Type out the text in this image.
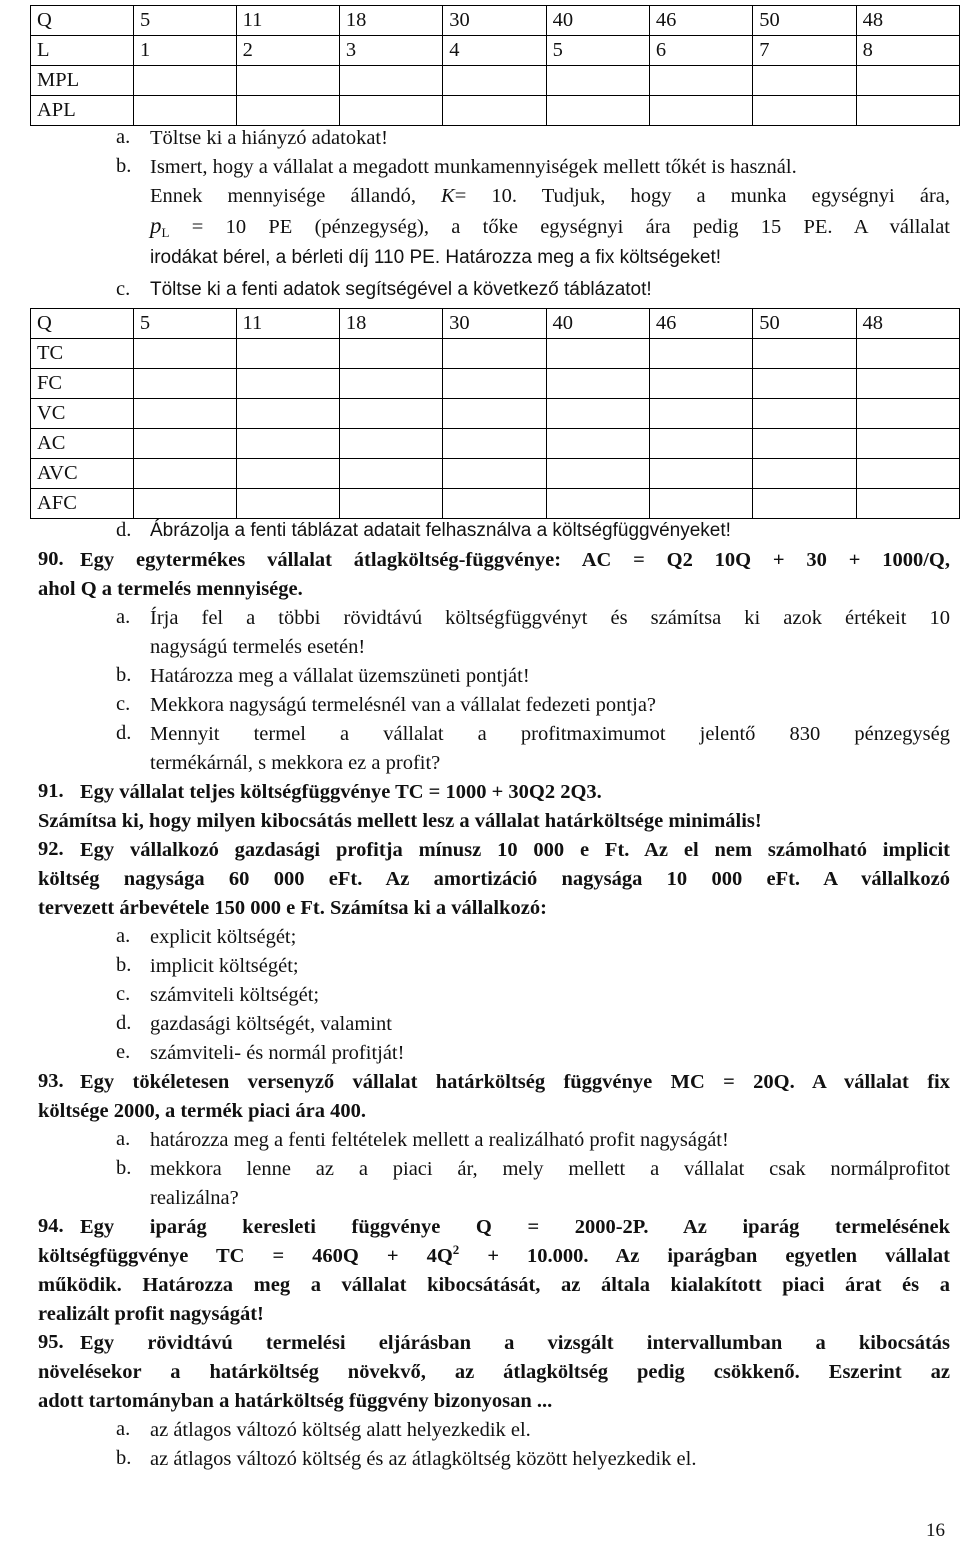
Q	5	11	18	30	40	46	50	48
L	1	2	3	4	5	6	7	8
MPL								
APL								
a. Töltse ki a hiányzó adatokat!
b. Ismert, hogy a vállalat a megadott munkamennyiségek mellett tőkét is használ.
Ennek mennyisége állandó, K= 10. Tudjuk, hogy a munka egységnyi ára,
$p_L = 10$ PE (pénzegység), a tőke egységnyi ára pedig 15 PE. A vállalat
irodákat bérel, a bérleti díj 110 PE. Határozza meg a fix költségeket!
c. Töltse ki a fenti adatok segítségével a következő táblázatot!
Q	5	11	18	30	40	46	50	48
TC								
FC								
VC								
AC								
AVC								
AFC								
d. Ábrázolja a fenti táblázat adatait felhasználva a költségfüggvényeket!
90. Egy egytermékes vállalat átlagköltség-függvénye: AC = Q2 10Q + 30 + 1000/Q,
ahol Q a termelés mennyisége.
a. Írja fel a többi rövidtávú költségfüggvényt és számítsa ki azok értékeit 10
nagyságú termelés esetén!
b. Határozza meg a vállalat üzemszüneti pontját!
c. Mekkora nagyságú termelésnél van a vállalat fedezeti pontja?
d. Mennyit termel a vállalat a profitmaximumot jelentő 830 pénzegység
termékárnál, s mekkora ez a profit?
91. Egy vállalat teljes költségfüggvénye TC = 1000 + 30Q2 2Q3.
Számítsa ki, hogy milyen kibocsátás mellett lesz a vállalat határköltsége minimális!
92. Egy vállalkozó gazdasági profitja mínusz 10 000 e Ft. Az el nem számolható implicit
költség nagysága 60 000 eFt. Az amortizáció nagysága 10 000 eFt. A vállalkozó
tervezett árbevétele 150 000 e Ft. Számítsa ki a vállalkozó:
a. explicit költségét;
b. implicit költségét;
c. számviteli költségét;
d. gazdasági költségét, valamint
e. számviteli- és normál profitját!
93. Egy tökéletesen versenyző vállalat határköltség függvénye MC = 20Q. A vállalat fix
költsége 2000, a termék piaci ára 400.
a. határozza meg a fenti feltételek mellett a realizálható profit nagyságát!
b. mekkora lenne az a piaci ár, mely mellett a vállalat csak normálprofitot
realizálna?
94. Egy iparág keresleti függvénye Q = 2000-2P. Az iparág termelésének
költségfüggvénye TC = $460Q + 4Q^2 + 10.000$. Az iparágban egyetlen vállalat
működik. Határozza meg a vállalat kibocsátását, az általa kialakított piaci árat és a
realizált profit nagyságát!
95. Egy rövidtávú termelési eljárásban a vizsgált intervallumban a kibocsátás
növelésekor a határköltség növekvő, az átlagköltség pedig csökkenő. Eszerint az
adott tartományban a határköltség függvény bizonyosan ...
a. az átlagos változó költség alatt helyezkedik el.
b. az átlagos változó költség és az átlagköltség között helyezkedik el.
16
